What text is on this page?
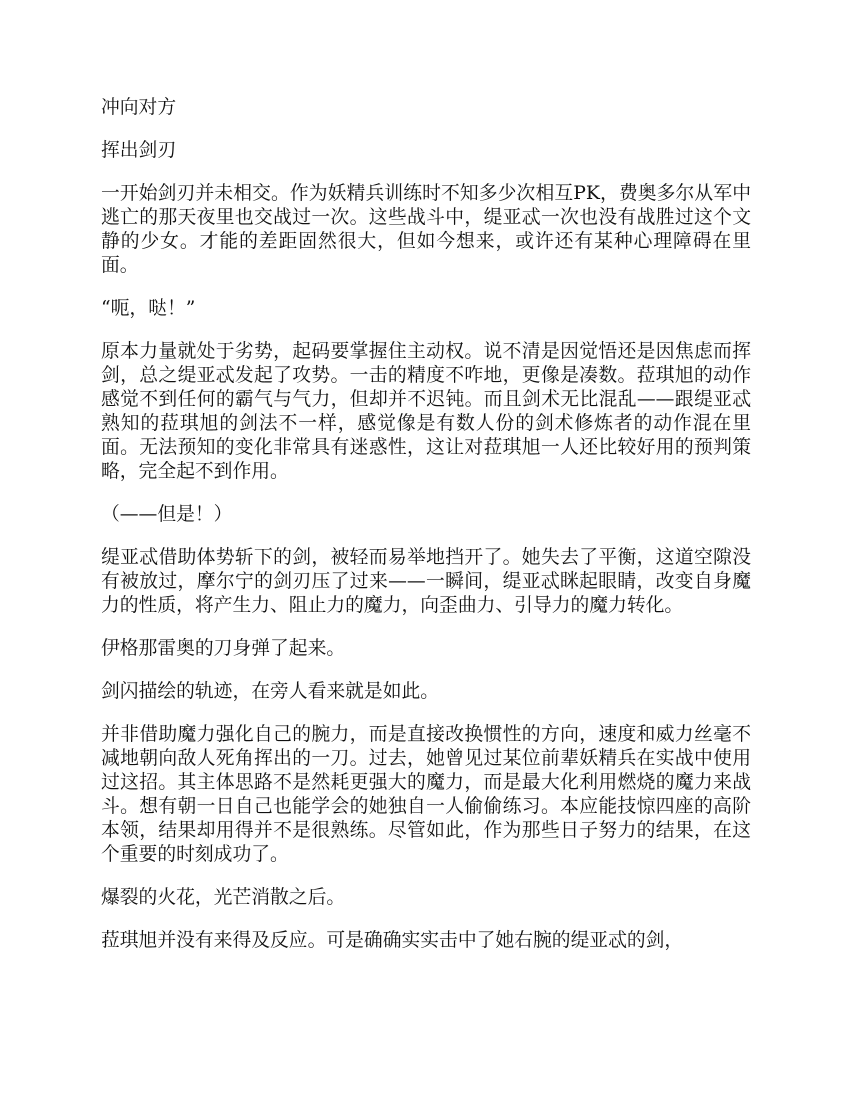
冲向对方

挥出剑刃

一开始剑刃并未相交。作为妖精兵训练时不知多少次相互PK，费奥多尔从军中逃亡的那天夜里也交战过一次。这些战斗中，缇亚忒一次也没有战胜过这个文静的少女。才能的差距固然很大，但如今想来，或许还有某种心理障碍在里面。

“呃，哒！”

原本力量就处于劣势，起码要掌握住主动权。说不清是因觉悟还是因焦虑而挥剑，总之缇亚忒发起了攻势。一击的精度不咋地，更像是凑数。菈琪旭的动作感觉不到任何的霸气与气力，但却并不迟钝。而且剑术无比混乱——跟缇亚忒熟知的菈琪旭的剑法不一样，感觉像是有数人份的剑术修炼者的动作混在里面。无法预知的变化非常具有迷惑性，这让对菈琪旭一人还比较好用的预判策略，完全起不到作用。

（——但是！）

缇亚忒借助体势斩下的剑，被轻而易举地挡开了。她失去了平衡，这道空隙没有被放过，摩尔宁的剑刃压了过来——一瞬间，缇亚忒眯起眼睛，改变自身魔力的性质，将产生力、阻止力的魔力，向歪曲力、引导力的魔力转化。

伊格那雷奥的刀身弹了起来。

剑闪描绘的轨迹，在旁人看来就是如此。

并非借助魔力强化自己的腕力，而是直接改换惯性的方向，速度和威力丝毫不减地朝向敌人死角挥出的一刀。过去，她曾见过某位前辈妖精兵在实战中使用过这招。其主体思路不是然耗更强大的魔力，而是最大化利用燃烧的魔力来战斗。想有朝一日自己也能学会的她独自一人偷偷练习。本应能技惊四座的高阶本领，结果却用得并不是很熟练。尽管如此，作为那些日子努力的结果，在这个重要的时刻成功了。

爆裂的火花，光芒消散之后。

菈琪旭并没有来得及反应。可是确确实实击中了她右腕的缇亚忒的剑，
